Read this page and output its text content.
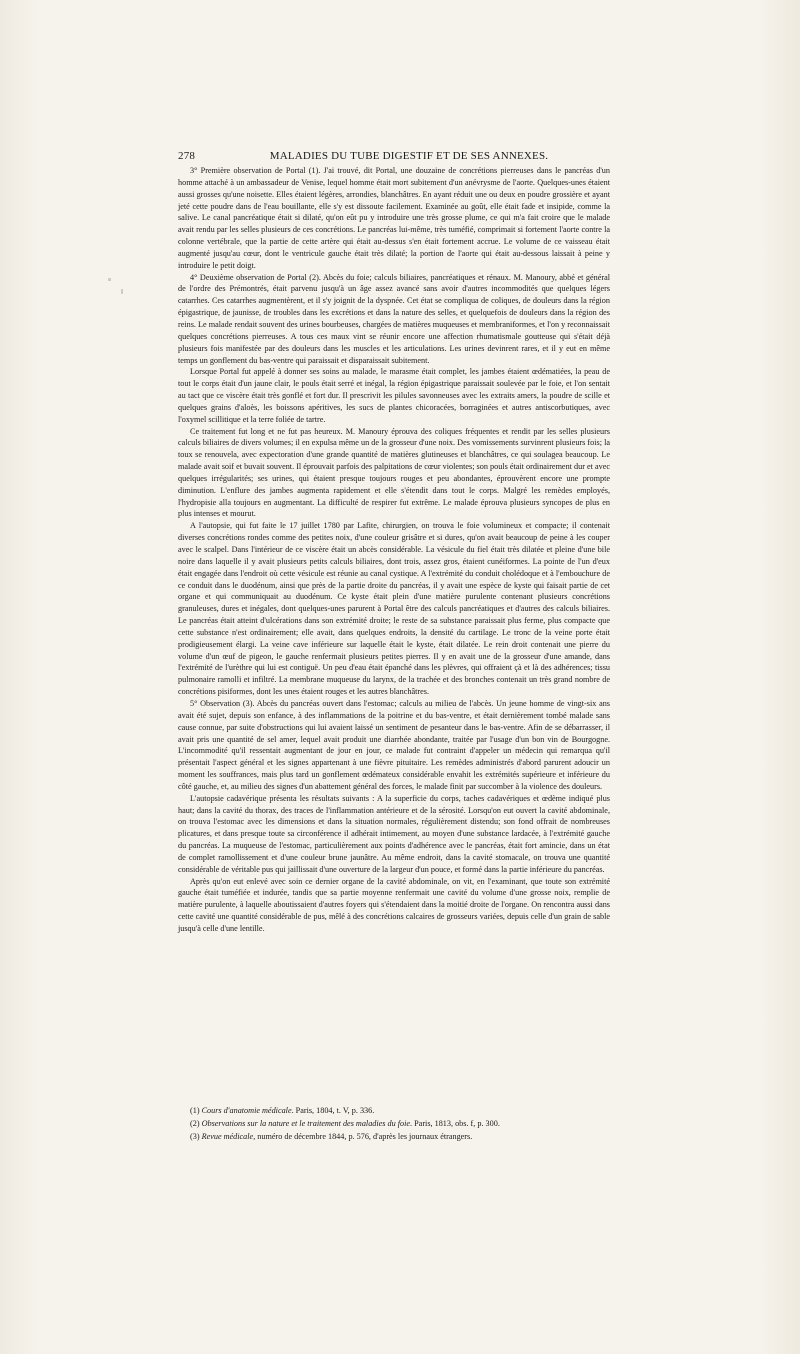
278	MALADIES DU TUBE DIGESTIF ET DE SES ANNEXES.

3° Première observation de Portal (1). J'ai trouvé, dit Portal, une douzaine de concrétions pierreuses dans le pancréas d'un homme attaché à un ambassadeur de Venise, lequel homme était mort subitement d'un anévrysme de l'aorte. Quelques-unes étaient aussi grosses qu'une noisette. Elles étaient légères, arrondies, blanchâtres. En ayant réduit une ou deux en poudre grossière et ayant jeté cette poudre dans de l'eau bouillante, elle s'y est dissoute facilement. Examinée au goût, elle était fade et insipide, comme la salive. Le canal pancréatique était si dilaté, qu'on eût pu y introduire une très grosse plume, ce qui m'a fait croire que le malade avait rendu par les selles plusieurs de ces concrétions. Le pancréas lui-même, très tuméfié, comprimait si fortement l'aorte contre la colonne vertébrale, que la partie de cette artère qui était au-dessus s'en était fortement accrue. Le volume de ce vaisseau était augmenté jusqu'au cœur, dont le ventricule gauche était très dilaté; la portion de l'aorte qui était au-dessous laissait à peine y introduire le petit doigt.

4° Deuxième observation de Portal (2). Abcès du foie; calculs biliaires, pancréatiques et rénaux. M. Manoury, abbé et général de l'ordre des Prémontrés, était parvenu jusqu'à un âge assez avancé sans avoir d'autres incommodités que quelques légers catarrhes. Ces catarrhes augmentèrent, et il s'y joignit de la dyspnée. Cet état se compliqua de coliques, de douleurs dans la région épigastrique, de jaunisse, de troubles dans les excrétions et dans la nature des selles, et quelquefois de douleurs dans la région des reins. Le malade rendait souvent des urines bourbeuses, chargées de matières muqueuses et membraniformes, et l'on y reconnaissait quelques concrétions pierreuses. A tous ces maux vint se réunir encore une affection rhumatismale goutteuse qui s'était déjà plusieurs fois manifestée par des douleurs dans les muscles et les articulations. Les urines devinrent rares, et il y eut en même temps un gonflement du bas-ventre qui paraissait et disparaissait subitement.

Lorsque Portal fut appelé à donner ses soins au malade, le marasme était complet, les jambes étaient œdématiées, la peau de tout le corps était d'un jaune clair, le pouls était serré et inégal, la région épigastrique paraissait soulevée par le foie, et l'on sentait au tact que ce viscère était très gonflé et fort dur. Il prescrivit les pilules savonneuses avec les extraits amers, la poudre de scille et quelques grains d'aloès, les boissons apéritives, les sucs de plantes chicoracées, borraginées et autres antiscorbutiques, avec l'oxymel scillitique et la terre foliée de tartre.

Ce traitement fut long et ne fut pas heureux. M. Manoury éprouva des coliques fréquentes et rendit par les selles plusieurs calculs biliaires de divers volumes; il en expulsa même un de la grosseur d'une noix. Des vomissements survinrent plusieurs fois; la toux se renouvela, avec expectoration d'une grande quantité de matières glutineuses et blanchâtres, ce qui soulagea beaucoup. Le malade avait soif et buvait souvent. Il éprouvait parfois des palpitations de cœur violentes; son pouls était ordinairement dur et avec quelques irrégularités; ses urines, qui étaient presque toujours rouges et peu abondantes, éprouvèrent encore une prompte diminution. L'enflure des jambes augmenta rapidement et elle s'étendit dans tout le corps. Malgré les remèdes employés, l'hydropisie alla toujours en augmentant. La difficulté de respirer fut extrême. Le malade éprouva plusieurs syncopes de plus en plus intenses et mourut.

A l'autopsie, qui fut faite le 17 juillet 1780 par Lafite, chirurgien, on trouva le foie volumineux et compacte; il contenait diverses concrétions rondes comme des petites noix, d'une couleur grisâtre et si dures, qu'on avait beaucoup de peine à les couper avec le scalpel. Dans l'intérieur de ce viscère était un abcès considérable. La vésicule du fiel était très dilatée et pleine d'une bile noire dans laquelle il y avait plusieurs petits calculs biliaires, dont trois, assez gros, étaient cunéiformes. La pointe de l'un d'eux était engagée dans l'endroit où cette vésicule est réunie au canal cystique. A l'extrémité du conduit cholédoque et à l'embouchure de ce conduit dans le duodénum, ainsi que près de la partie droite du pancréas, il y avait une espèce de kyste qui faisait partie de cet organe et qui communiquait au duodénum. Ce kyste était plein d'une matière purulente contenant plusieurs concrétions granuleuses, dures et inégales, dont quelques-unes parurent à Portal être des calculs pancréatiques et d'autres des calculs biliaires. Le pancréas était atteint d'ulcérations dans son extrémité droite; le reste de sa substance paraissait plus ferme, plus compacte que cette substance n'est ordinairement; elle avait, dans quelques endroits, la densité du cartilage. Le tronc de la veine porte était prodigieusement élargi. La veine cave inférieure sur laquelle était le kyste, était dilatée. Le rein droit contenait une pierre du volume d'un œuf de pigeon, le gauche renfermait plusieurs petites pierres. Il y en avait une de la grosseur d'une amande, dans l'extrémité de l'urèthre qui lui est contiguë. Un peu d'eau était épanché dans les plèvres, qui offraient çà et là des adhérences; tissu pulmonaire ramolli et infiltré. La membrane muqueuse du larynx, de la trachée et des bronches contenait un très grand nombre de concrétions pisiformes, dont les unes étaient rouges et les autres blanchâtres.

5° Observation (3). Abcès du pancréas ouvert dans l'estomac; calculs au milieu de l'abcès. Un jeune homme de vingt-six ans avait été sujet, depuis son enfance, à des inflammations de la poitrine et du bas-ventre, et était dernièrement tombé malade sans cause connue, par suite d'obstructions qui lui avaient laissé un sentiment de pesanteur dans le bas-ventre. Afin de se débarrasser, il avait pris une quantité de sel amer, lequel avait produit une diarrhée abondante, traitée par l'usage d'un bon vin de Bourgogne. L'incommodité qu'il ressentait augmentant de jour en jour, ce malade fut contraint d'appeler un médecin qui remarqua qu'il présentait l'aspect général et les signes appartenant à une fièvre pituitaire. Les remèdes administrés d'abord parurent adoucir un moment les souffrances, mais plus tard un gonflement œdémateux considérable envahit les extrémités supérieure et inférieure du côté gauche, et, au milieu des signes d'un abattement général des forces, le malade finit par succomber à la violence des douleurs.

L'autopsie cadavérique présenta les résultats suivants : A la superficie du corps, taches cadavériques et œdème indiqué plus haut; dans la cavité du thorax, des traces de l'inflammation antérieure et de la sérosité. Lorsqu'on eut ouvert la cavité abdominale, on trouva l'estomac avec les dimensions et dans la situation normales, régulièrement distendu; son fond offrait de nombreuses plicatures, et dans presque toute sa circonférence il adhérait intimement, au moyen d'une substance lardacée, à l'extrémité gauche du pancréas. La muqueuse de l'estomac, particulièrement aux points d'adhérence avec le pancréas, était fort amincie, dans un état de complet ramollissement et d'une couleur brune jaunâtre. Au même endroit, dans la cavité stomacale, on trouva une quantité considérable de véritable pus qui jaillissait d'une ouverture de la largeur d'un pouce, et formé dans la partie inférieure du pancréas.

Après qu'on eut enlevé avec soin ce dernier organe de la cavité abdominale, on vit, en l'examinant, que toute son extrémité gauche était tuméfiée et indurée, tandis que sa partie moyenne renfermait une cavité du volume d'une grosse noix, remplie de matière purulente, à laquelle aboutissaient d'autres foyers qui s'étendaient dans la moitié droite de l'organe. On rencontra aussi dans cette cavité une quantité considérable de pus, mêlé à des concrétions calcaires de grosseurs variées, depuis celle d'un grain de sable jusqu'à celle d'une lentille.

(1) Cours d'anatomie médicale. Paris, 1804, t. V, p. 336.

(2) Observations sur la nature et le traitement des maladies du foie. Paris, 1813, obs. f, p. 300.

(3) Revue médicale, numéro de décembre 1844, p. 576, d'après les journaux étrangers.
